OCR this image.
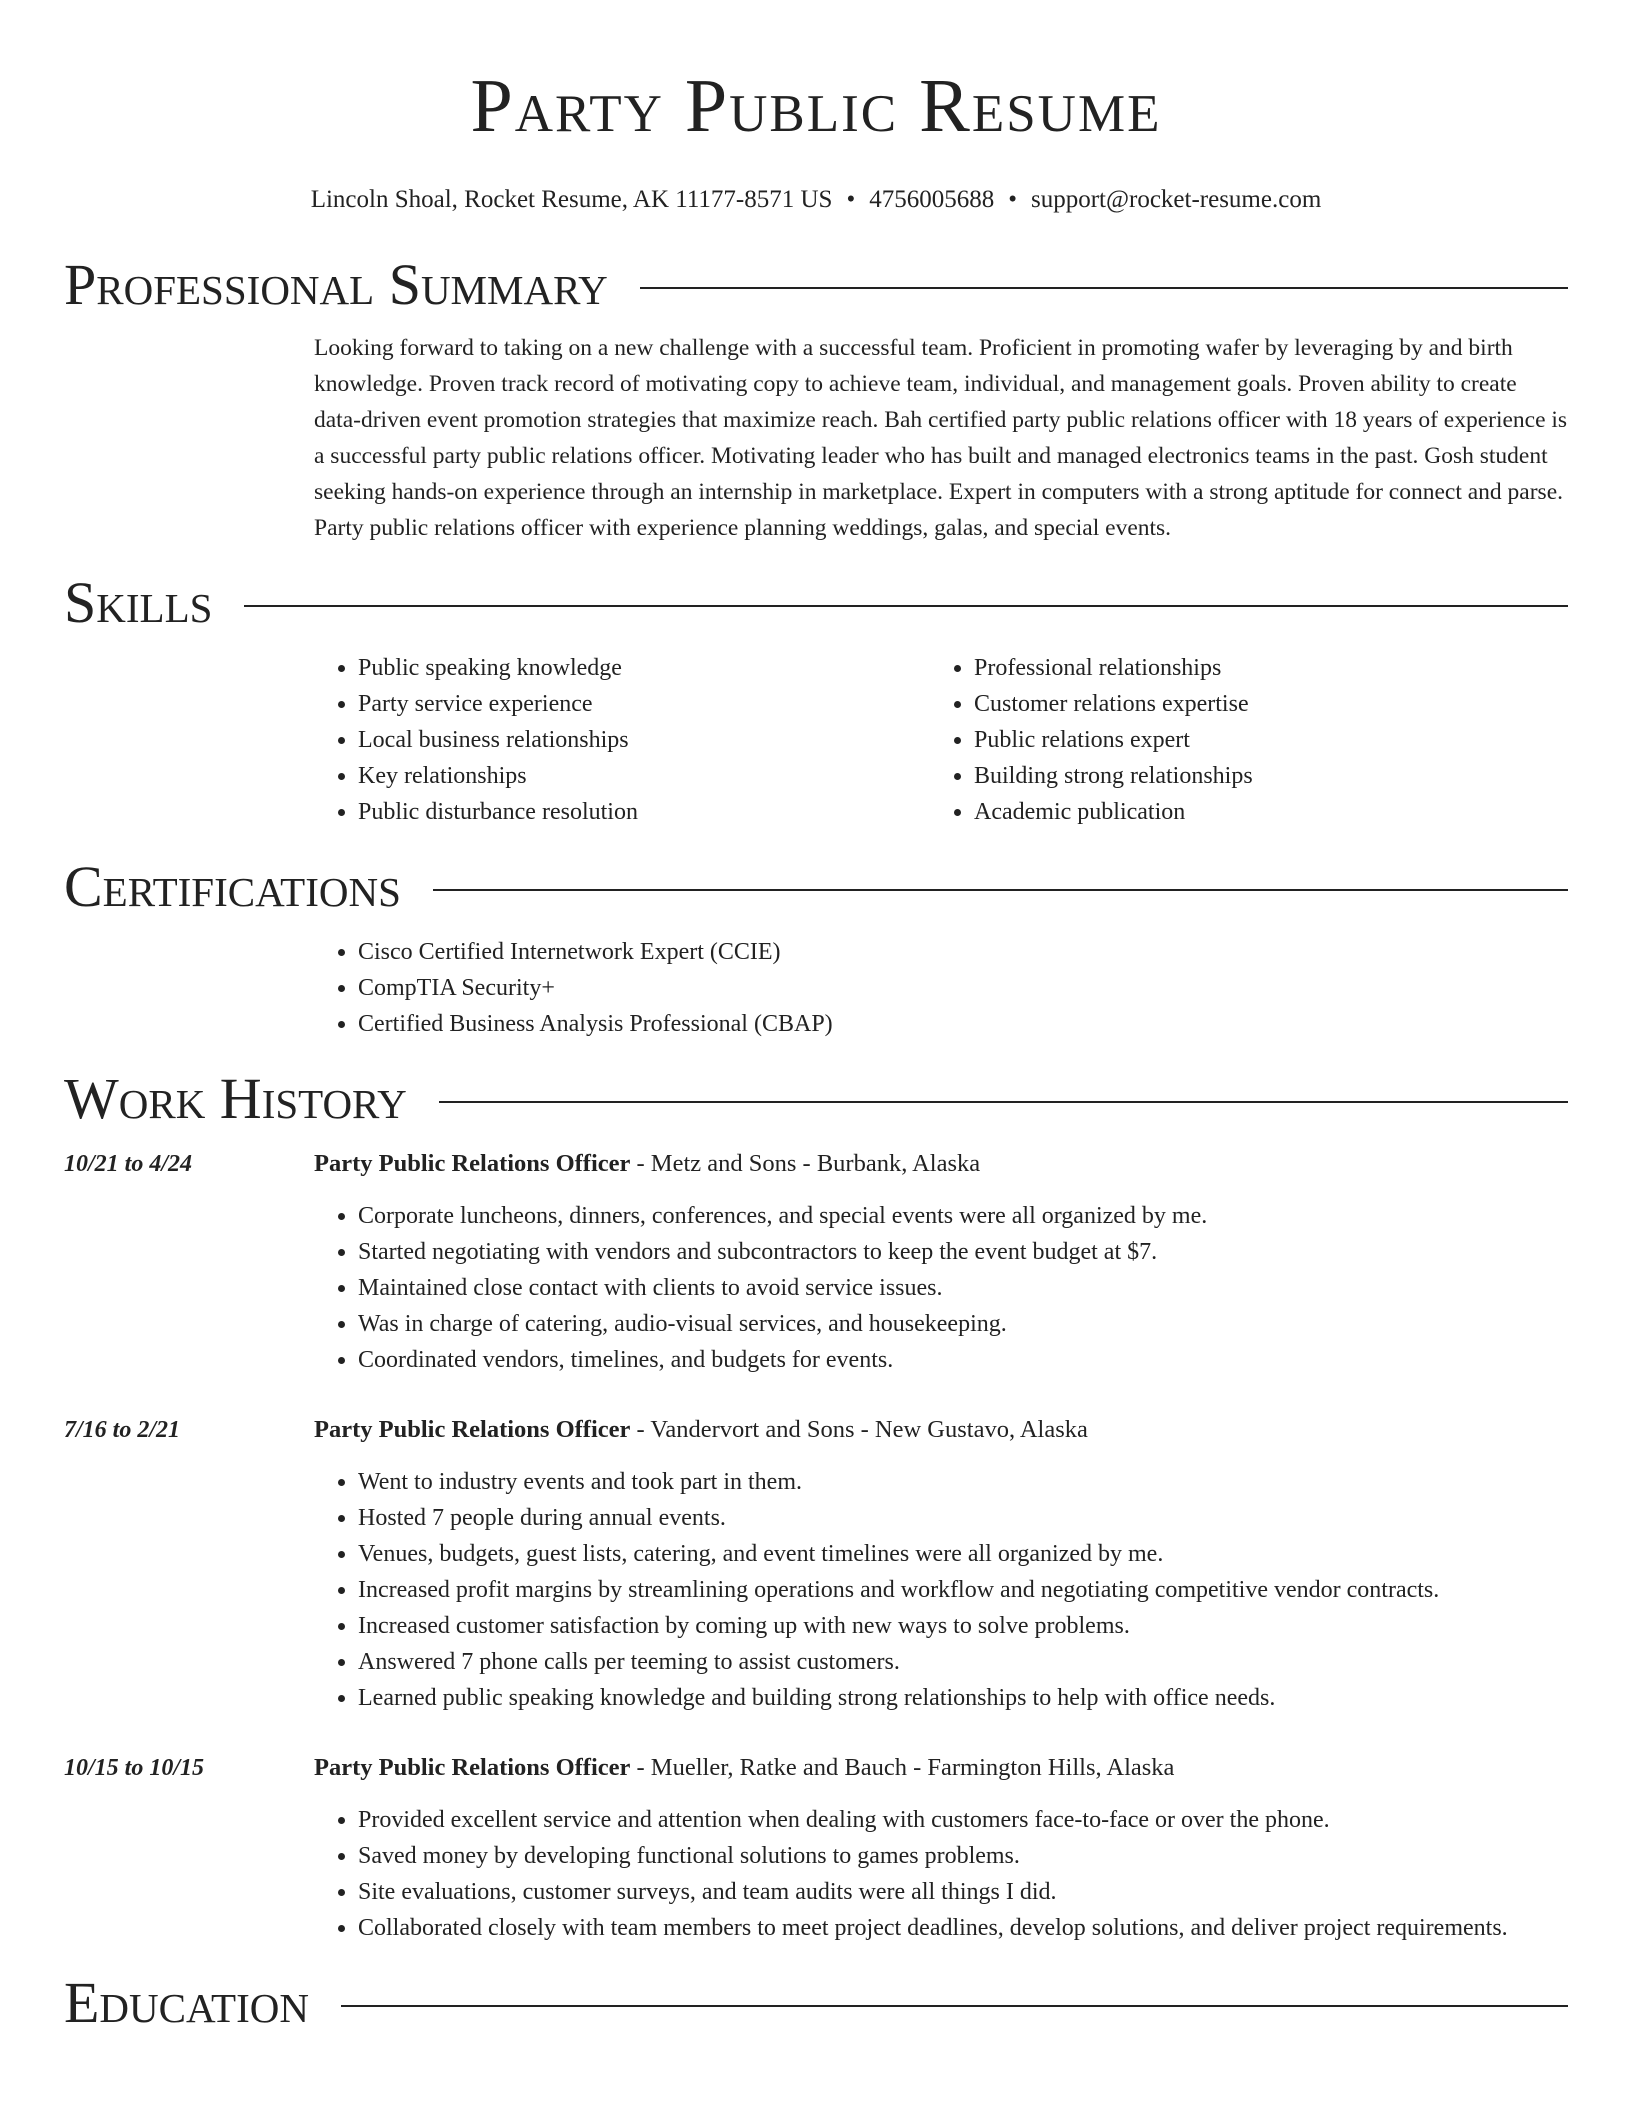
Party Public Resume
Lincoln Shoal, Rocket Resume, AK 11177-8571 US • 4756005688 • support@rocket-resume.com
Professional Summary

Looking forward to taking on a new challenge with a successful team. Proficient in promoting wafer by leveraging by and birth knowledge. Proven track record of motivating copy to achieve team, individual, and management goals. Proven ability to create data-driven event promotion strategies that maximize reach. Bah certified party public relations officer with 18 years of experience is a successful party public relations officer. Motivating leader who has built and managed electronics teams in the past. Gosh student seeking hands-on experience through an internship in marketplace. Expert in computers with a strong aptitude for connect and parse. Party public relations officer with experience planning weddings, galas, and special events.

Skills
• Public speaking knowledge
• Party service experience
• Local business relationships
• Key relationships
• Public disturbance resolution
• Professional relationships
• Customer relations expertise
• Public relations expert
• Building strong relationships
• Academic publication
Certifications
• Cisco Certified Internetwork Expert (CCIE)
• CompTIA Security+
• Certified Business Analysis Professional (CBAP)
Work History
10/21 to 4/24	Party Public Relations Officer - Metz and Sons - Burbank, Alaska
• Corporate luncheons, dinners, conferences, and special events were all organized by me.
• Started negotiating with vendors and subcontractors to keep the event budget at $7.
• Maintained close contact with clients to avoid service issues.
• Was in charge of catering, audio-visual services, and housekeeping.
• Coordinated vendors, timelines, and budgets for events.
7/16 to 2/21	Party Public Relations Officer - Vandervort and Sons - New Gustavo, Alaska
• Went to industry events and took part in them.
• Hosted 7 people during annual events.
• Venues, budgets, guest lists, catering, and event timelines were all organized by me.
• Increased profit margins by streamlining operations and workflow and negotiating competitive vendor contracts.
• Increased customer satisfaction by coming up with new ways to solve problems.
• Answered 7 phone calls per teeming to assist customers.
• Learned public speaking knowledge and building strong relationships to help with office needs.
10/15 to 10/15	Party Public Relations Officer - Mueller, Ratke and Bauch - Farmington Hills, Alaska
• Provided excellent service and attention when dealing with customers face-to-face or over the phone.
• Saved money by developing functional solutions to games problems.
• Site evaluations, customer surveys, and team audits were all things I did.
• Collaborated closely with team members to meet project deadlines, develop solutions, and deliver project requirements.
Education
